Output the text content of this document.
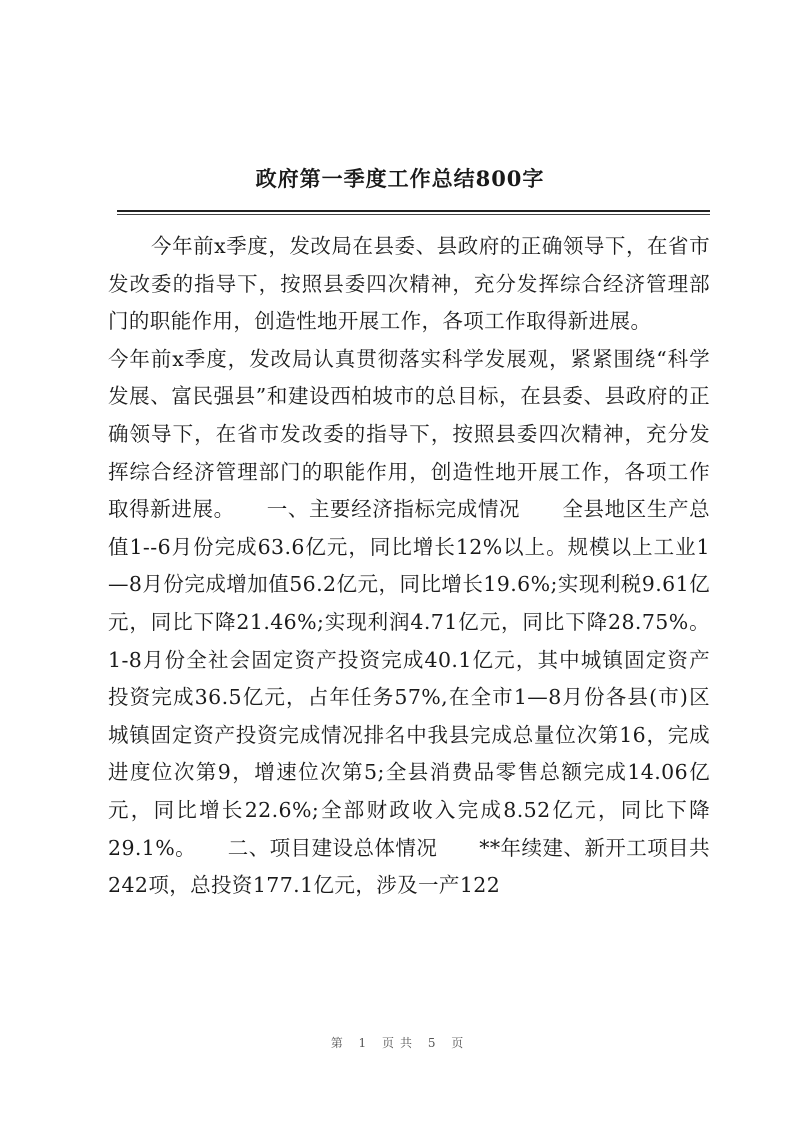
政府第一季度工作总结800字

今年前x季度，发改局在县委、县政府的正确领导下，在省市发改委的指导下，按照县委四次精神，充分发挥综合经济管理部门的职能作用，创造性地开展工作，各项工作取得新进展。

今年前x季度，发改局认真贯彻落实科学发展观，紧紧围绕“科学发展、富民强县”和建设西柏坡市的总目标，在县委、县政府的正确领导下，在省市发改委的指导下，按照县委四次精神，充分发挥综合经济管理部门的职能作用，创造性地开展工作，各项工作取得新进展。　　一、主要经济指标完成情况　　全县地区生产总值1--6月份完成63.6亿元，同比增长12%以上。规模以上工业1—8月份完成增加值56.2亿元，同比增长19.6%;实现利税9.61亿元，同比下降21.46%;实现利润4.71亿元，同比下降28.75%。1-8月份全社会固定资产投资完成40.1亿元，其中城镇固定资产投资完成36.5亿元，占年任务57%,在全市1—8月份各县(市)区城镇固定资产投资完成情况排名中我县完成总量位次第16，完成进度位次第9，增速位次第5;全县消费品零售总额完成14.06亿元，同比增长22.6%;全部财政收入完成8.52亿元，同比下降29.1%。　　二、项目建设总体情况　　**年续建、新开工项目共242项，总投资177.1亿元，涉及一产122

第 1 页共 5 页
